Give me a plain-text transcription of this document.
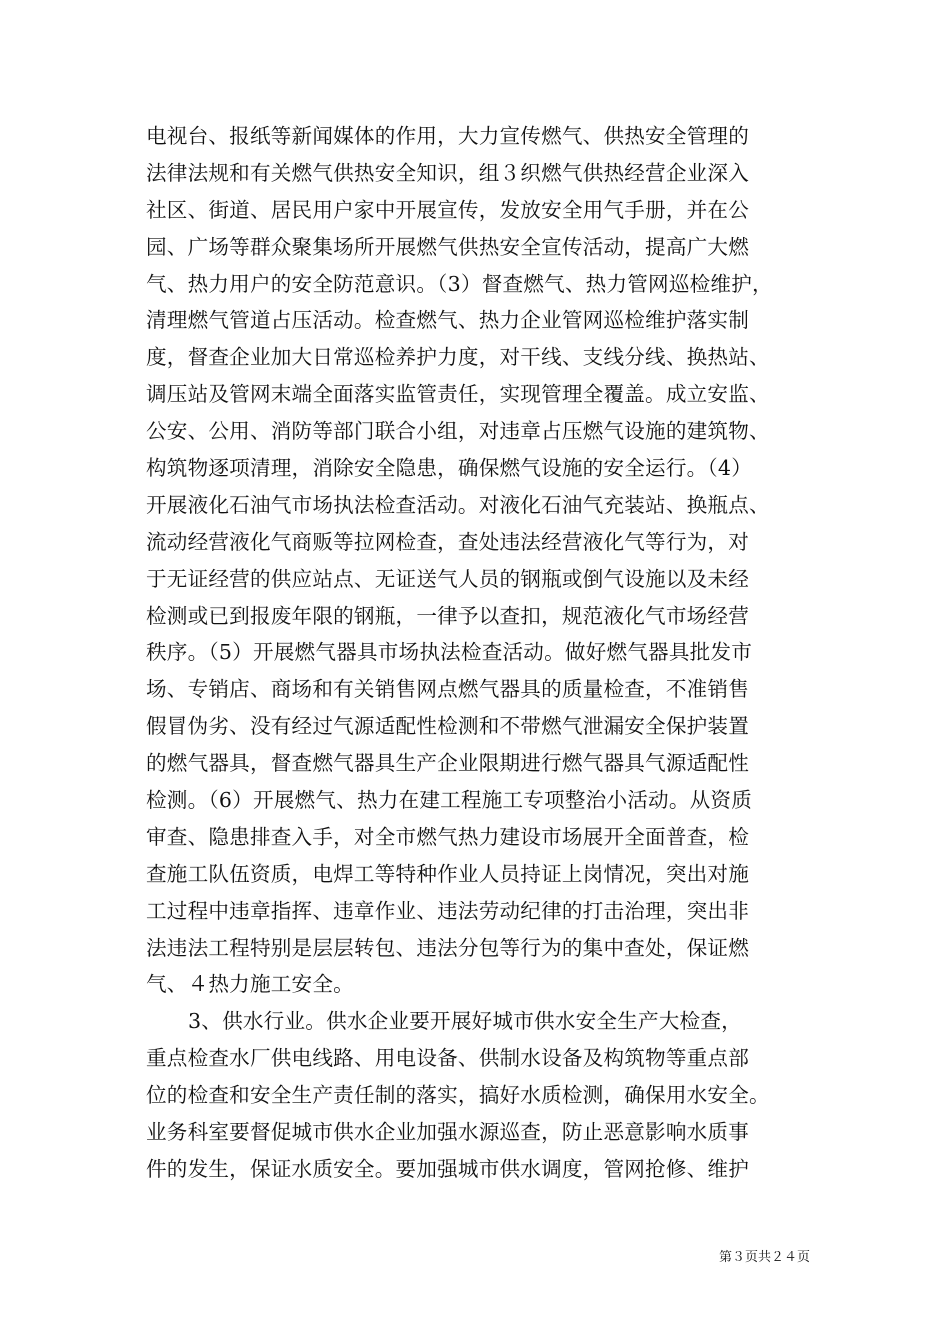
电视台、报纸等新闻媒体的作用，大力宣传燃气、供热安全管理的
法律法规和有关燃气供热安全知识，组３织燃气供热经营企业深入
社区、街道、居民用户家中开展宣传，发放安全用气手册，并在公
园、广场等群众聚集场所开展燃气供热安全宣传活动，提高广大燃
气、热力用户的安全防范意识。（3）督查燃气、热力管网巡检维护，
清理燃气管道占压活动。检查燃气、热力企业管网巡检维护落实制
度，督查企业加大日常巡检养护力度，对干线、支线分线、换热站、
调压站及管网末端全面落实监管责任，实现管理全覆盖。成立安监、
公安、公用、消防等部门联合小组，对违章占压燃气设施的建筑物、
构筑物逐项清理，消除安全隐患，确保燃气设施的安全运行。（4）
开展液化石油气市场执法检查活动。对液化石油气充装站、换瓶点、
流动经营液化气商贩等拉网检查，查处违法经营液化气等行为，对
于无证经营的供应站点、无证送气人员的钢瓶或倒气设施以及未经
检测或已到报废年限的钢瓶，一律予以查扣，规范液化气市场经营
秩序。（5）开展燃气器具市场执法检查活动。做好燃气器具批发市
场、专销店、商场和有关销售网点燃气器具的质量检查，不准销售
假冒伪劣、没有经过气源适配性检测和不带燃气泄漏安全保护装置
的燃气器具，督查燃气器具生产企业限期进行燃气器具气源适配性
检测。（6）开展燃气、热力在建工程施工专项整治小活动。从资质
审查、隐患排查入手，对全市燃气热力建设市场展开全面普查，检
查施工队伍资质，电焊工等特种作业人员持证上岗情况，突出对施
工过程中违章指挥、违章作业、违法劳动纪律的打击治理，突出非
法违法工程特别是层层转包、违法分包等行为的集中查处，保证燃
气、４热力施工安全。
3、供水行业。供水企业要开展好城市供水安全生产大检查，
重点检查水厂供电线路、用电设备、供制水设备及构筑物等重点部
位的检查和安全生产责任制的落实，搞好水质检测，确保用水安全。
业务科室要督促城市供水企业加强水源巡查，防止恶意影响水质事
件的发生，保证水质安全。要加强城市供水调度，管网抢修、维护
第３页共２４页
